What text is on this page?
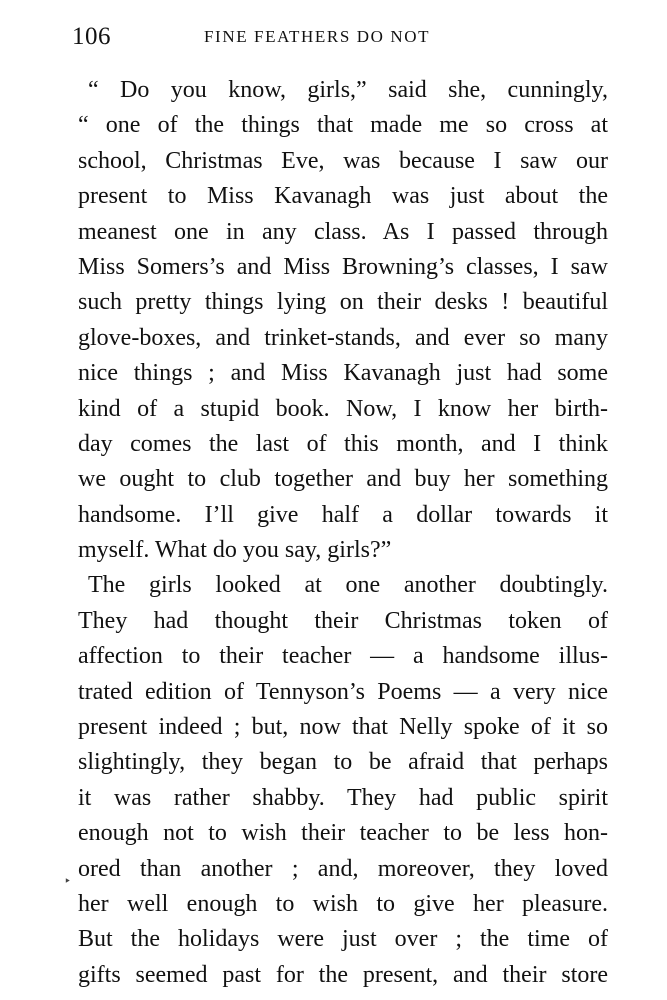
106	FINE FEATHERS DO NOT
“ Do you know, girls,” said she, cunningly,
“ one of the things that made me so cross at
school, Christmas Eve, was because I saw our
present to Miss Kavanagh was just about the
meanest one in any class. As I passed through
Miss Somers’s and Miss Browning’s classes, I saw
such pretty things lying on their desks ! beautiful
glove-boxes, and trinket-stands, and ever so many
nice things ; and Miss Kavanagh just had some
kind of a stupid book. Now, I know her birth-
day comes the last of this month, and I think
we ought to club together and buy her something
handsome. I’ll give half a dollar towards it
myself. What do you say, girls?”
The girls looked at one another doubtingly.
They had thought their Christmas token of
affection to their teacher — a handsome illus-
trated edition of Tennyson’s Poems — a very nice
present indeed ; but, now that Nelly spoke of it so
slightingly, they began to be afraid that perhaps
it was rather shabby. They had public spirit
enough not to wish their teacher to be less hon-
ored than another ; and, moreover, they loved
her well enough to wish to give her pleasure.
But the holidays were just over ; the time of
gifts seemed past for the present, and their store
‣
